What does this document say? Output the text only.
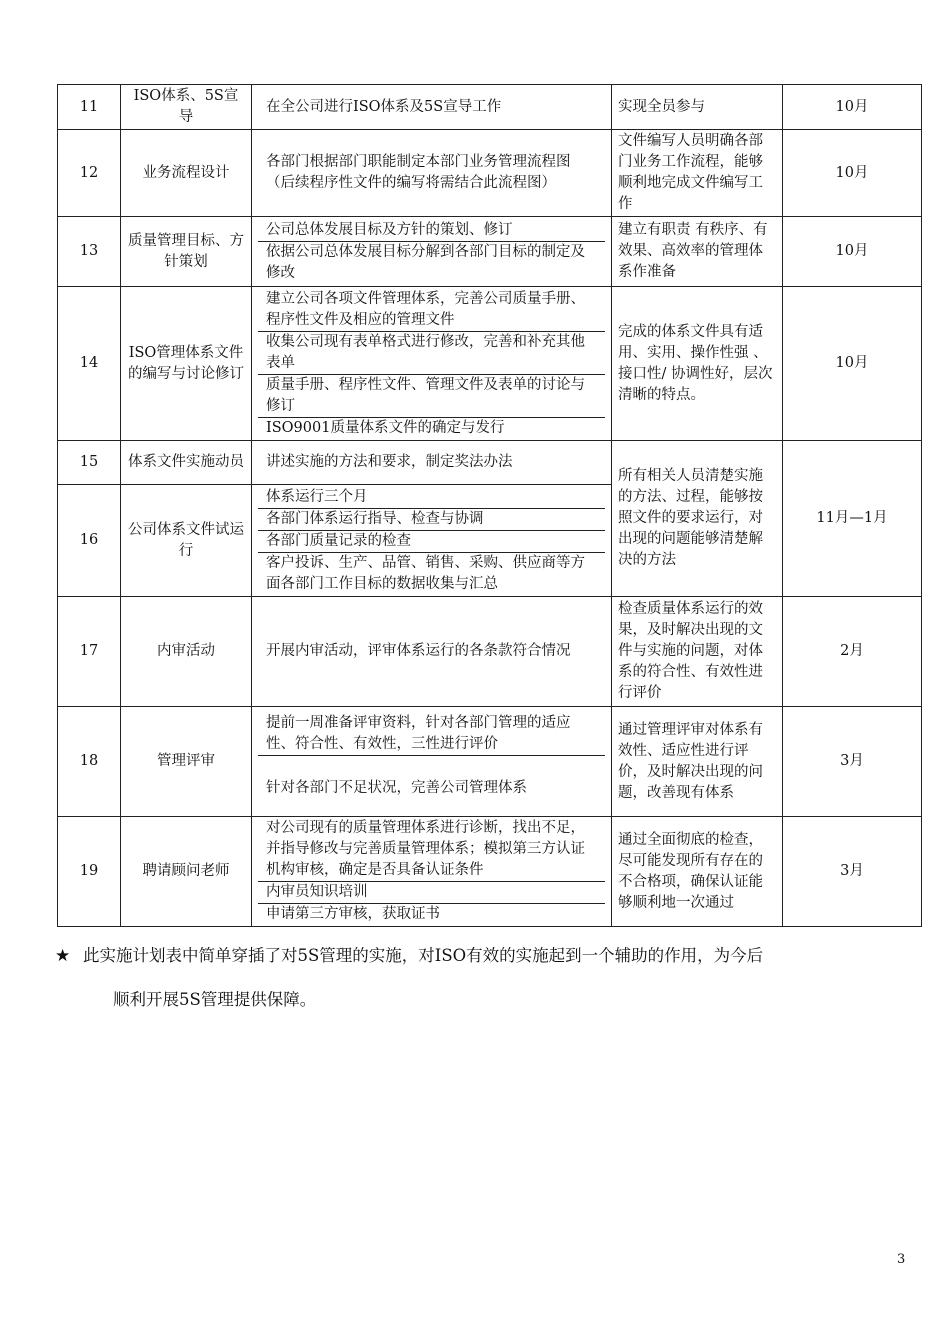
11	ISO体系、5S宣导	在全公司进行ISO体系及5S宣导工作	实现全员参与	10月
12	业务流程设计	各部门根据部门职能制定本部门业务管理流程图（后续程序性文件的编写将需结合此流程图）	文件编写人员明确各部门业务工作流程，能够顺利地完成文件编写工作	10月
13	质量管理目标、方针策划	公司总体发展目标及方针的策划、修订
依据公司总体发展目标分解到各部门目标的制定及修改	建立有职责 有秩序、有效果、高效率的管理体系作准备	10月
14	ISO管理体系文件的编写与讨论修订	建立公司各项文件管理体系，完善公司质量手册、程序性文件及相应的管理文件
收集公司现有表单格式进行修改，完善和补充其他表单
质量手册、程序性文件、管理文件及表单的讨论与修订
ISO9001质量体系文件的确定与发行	完成的体系文件具有适用、实用、操作性强 、接口性/ 协调性好，层次清晰的特点。	10月
15	体系文件实施动员	讲述实施的方法和要求，制定奖法办法	所有相关人员清楚实施的方法、过程，能够按照文件的要求运行，对出现的问题能够清楚解决的方法	11月—1月
16	公司体系文件试运行	体系运行三个月
各部门体系运行指导、检查与协调
各部门质量记录的检查
客户投诉、生产、品管、销售、采购、供应商等方面各部门工作目标的数据收集与汇总		

17	内审活动	开展内审活动，评审体系运行的各条款符合情况	检查质量体系运行的效果，及时解决出现的文件与实施的问题，对体系的符合性、有效性进行评价	2月
18	管理评审	提前一周准备评审资料，针对各部门管理的适应性、符合性、有效性，三性进行评价
针对各部门不足状况，完善公司管理体系	通过管理评审对体系有效性、适应性进行评价，及时解决出现的问题，改善现有体系	3月
19	聘请顾问老师	对公司现有的质量管理体系进行诊断，找出不足，并指导修改与完善质量管理体系；模拟第三方认证机构审核，确定是否具备认证条件
内审员知识培训
申请第三方审核，获取证书	通过全面彻底的检查，尽可能发现所有存在的不合格项，确保认证能够顺利地一次通过	3月
★ 此实施计划表中简单穿插了对5S管理的实施，对ISO有效的实施起到一个辅助的作用，为今后
顺利开展5S管理提供保障。
3
